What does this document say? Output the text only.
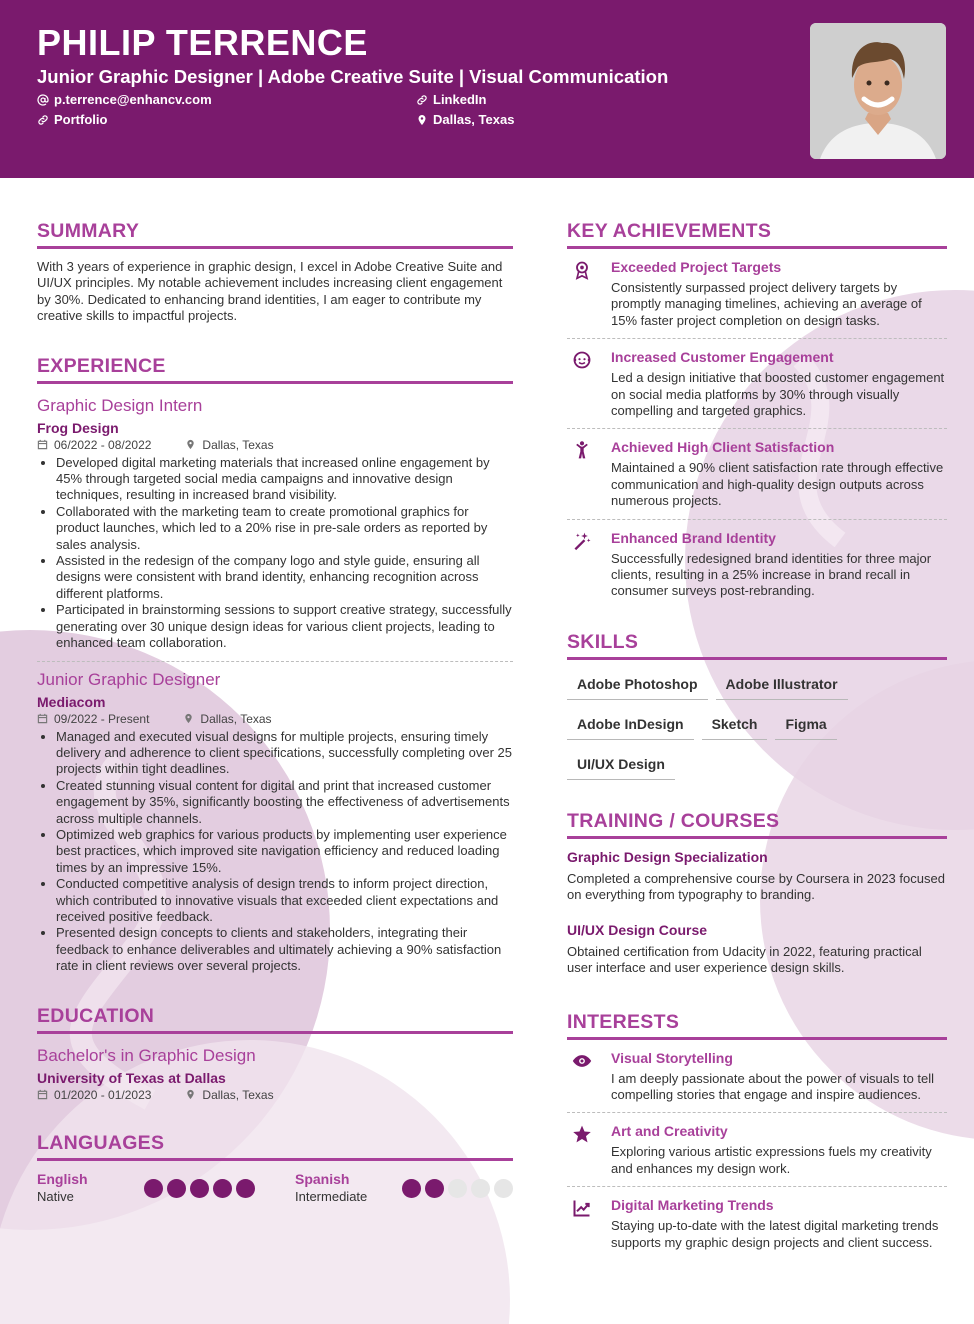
PHILIP TERRENCE
Junior Graphic Designer | Adobe Creative Suite | Visual Communication
p.terrence@enhancv.com	LinkedIn
Portfolio	Dallas, Texas
SUMMARY

With 3 years of experience in graphic design, I excel in Adobe Creative Suite and UI/UX principles. My notable achievement includes increasing client engagement by 30%. Dedicated to enhancing brand identities, I am eager to contribute my creative skills to impactful projects.

EXPERIENCE
Graphic Design Intern
Frog Design
06/2022 - 08/2022	Dallas, Texas
• Developed digital marketing materials that increased online engagement by 45% through targeted social media campaigns and innovative design techniques, resulting in increased brand visibility.
• Collaborated with the marketing team to create promotional graphics for product launches, which led to a 20% rise in pre-sale orders as reported by sales analysis.
• Assisted in the redesign of the company logo and style guide, ensuring all designs were consistent with brand identity, enhancing recognition across different platforms.
• Participated in brainstorming sessions to support creative strategy, successfully generating over 30 unique design ideas for various client projects, leading to enhanced team collaboration.
Junior Graphic Designer
Mediacom
09/2022 - Present	Dallas, Texas
• Managed and executed visual designs for multiple projects, ensuring timely delivery and adherence to client specifications, successfully completing over 25 projects within tight deadlines.
• Created stunning visual content for digital and print that increased customer engagement by 35%, significantly boosting the effectiveness of advertisements across multiple channels.
• Optimized web graphics for various products by implementing user experience best practices, which improved site navigation efficiency and reduced loading times by an impressive 15%.
• Conducted competitive analysis of design trends to inform project direction, which contributed to innovative visuals that exceeded client expectations and received positive feedback.
• Presented design concepts to clients and stakeholders, integrating their feedback to enhance deliverables and ultimately achieving a 90% satisfaction rate in client reviews over several projects.
EDUCATION
Bachelor's in Graphic Design
University of Texas at Dallas
01/2020 - 01/2023	Dallas, Texas
LANGUAGES
English
Native
Spanish
Intermediate
KEY ACHIEVEMENTS
Exceeded Project Targets

Consistently surpassed project delivery targets by promptly managing timelines, achieving an average of 15% faster project completion on design tasks.

Increased Customer Engagement

Led a design initiative that boosted customer engagement on social media platforms by 30% through visually compelling and targeted graphics.

Achieved High Client Satisfaction

Maintained a 90% client satisfaction rate through effective communication and high-quality design outputs across numerous projects.

Enhanced Brand Identity

Successfully redesigned brand identities for three major clients, resulting in a 25% increase in brand recall in consumer surveys post-rebranding.

SKILLS
Adobe Photoshop	Adobe Illustrator
Adobe InDesign	Sketch	Figma
UI/UX Design
TRAINING / COURSES
Graphic Design Specialization

Completed a comprehensive course by Coursera in 2023 focused on everything from typography to branding.

UI/UX Design Course

Obtained certification from Udacity in 2022, featuring practical user interface and user experience design skills.

INTERESTS
Visual Storytelling

I am deeply passionate about the power of visuals to tell compelling stories that engage and inspire audiences.

Art and Creativity

Exploring various artistic expressions fuels my creativity and enhances my design work.

Digital Marketing Trends

Staying up-to-date with the latest digital marketing trends supports my graphic design projects and client success.
